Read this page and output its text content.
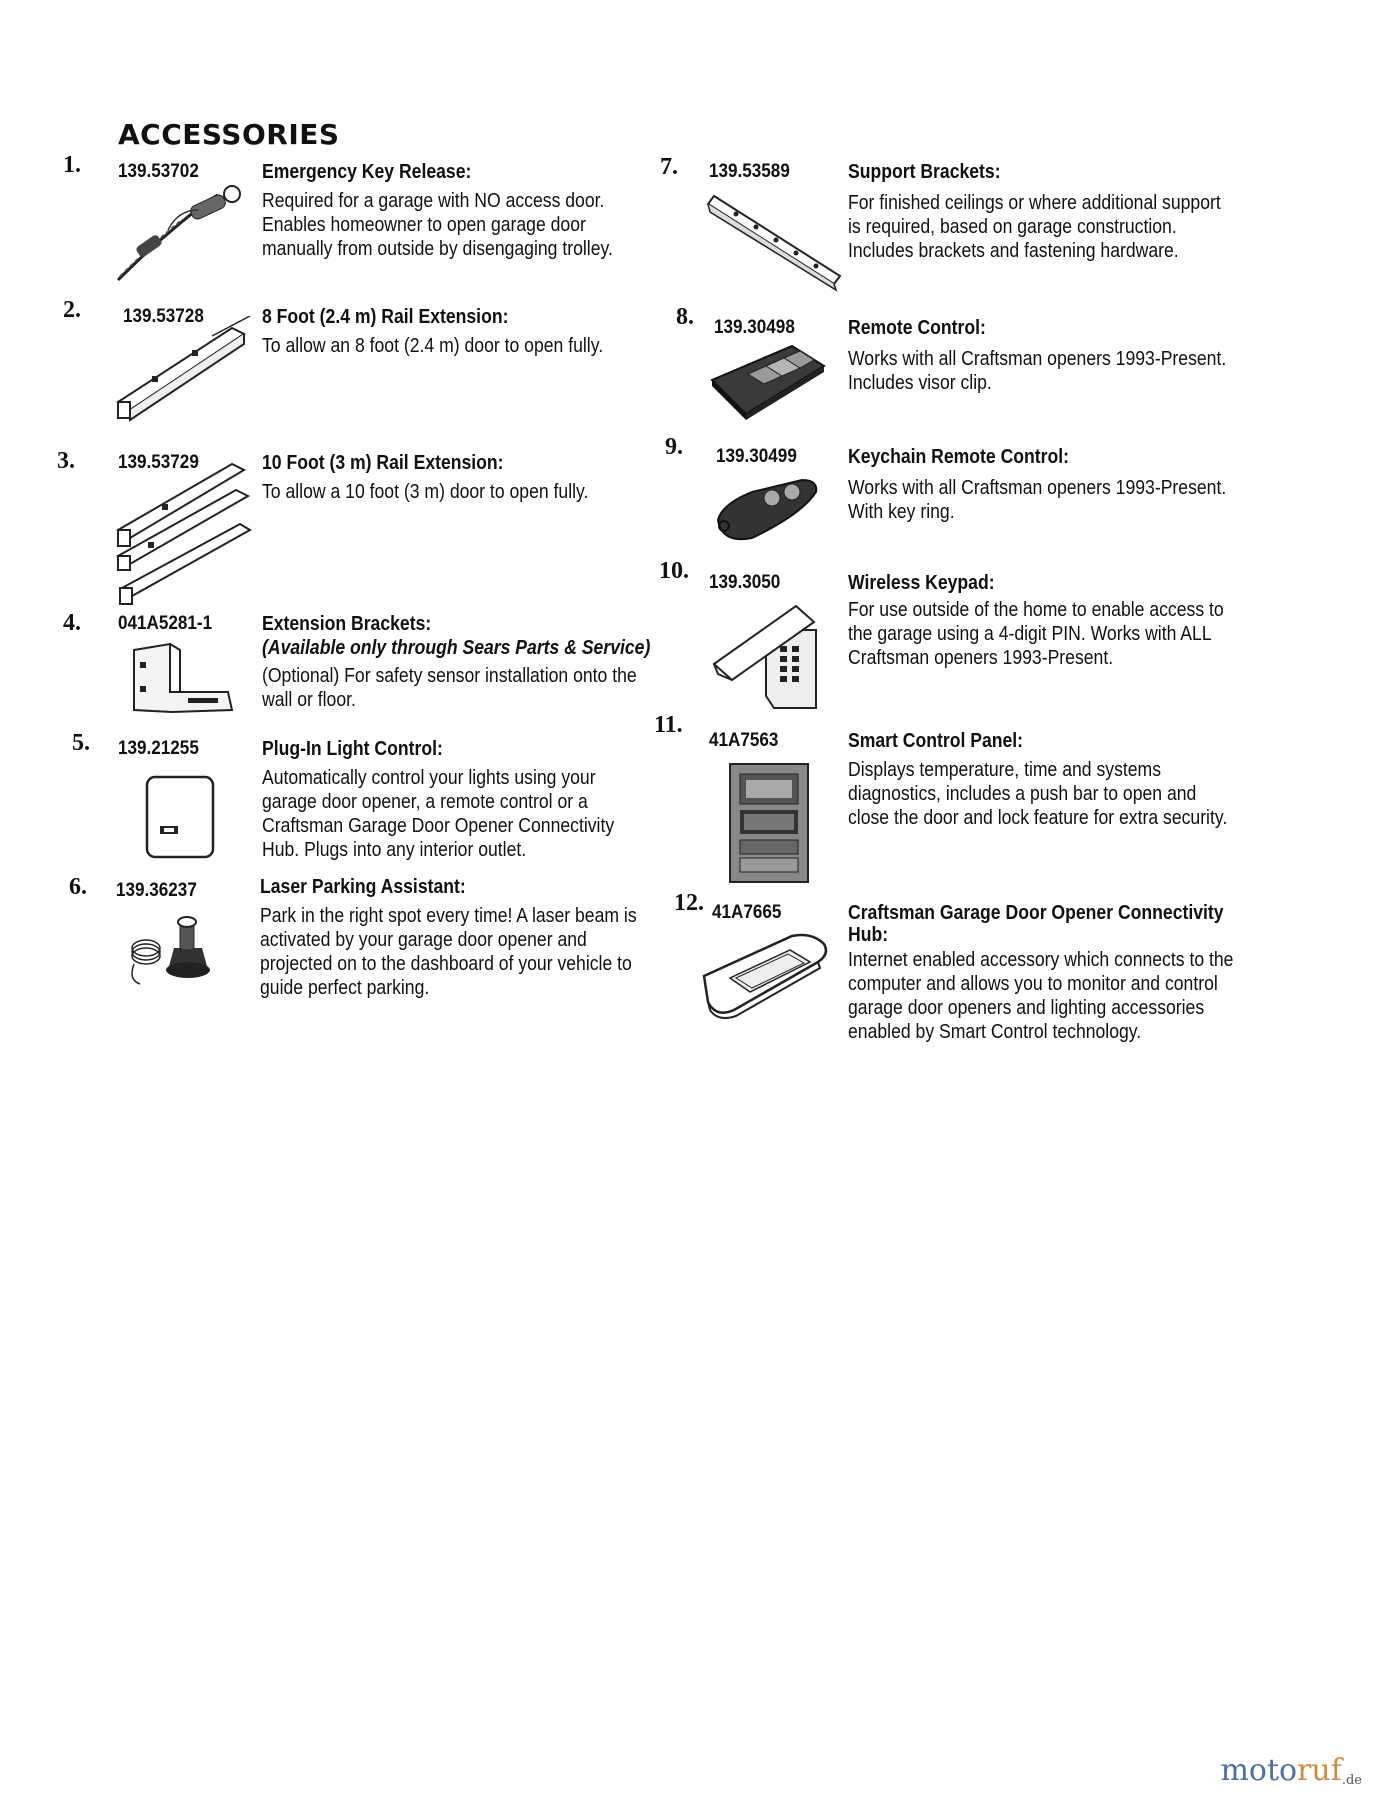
ACCESSORIES
1. 139.53702	Emergency Key Release:
Required for a garage with NO access door.
Enables homeowner to open garage door
manually from outside by disengaging trolley.
2. 139.53728	8 Foot (2.4 m) Rail Extension:
To allow an 8 foot (2.4 m) door to open fully.
3. 139.53729	10 Foot (3 m) Rail Extension:
To allow a 10 foot (3 m) door to open fully.
4. 041A5281-1 Extension Brackets:
(Available only through Sears Parts & Service)
(Optional) For safety sensor installation onto the
wall or floor.
5. 139.21255	Plug-In Light Control:
Automatically control your lights using your
garage door opener, a remote control or a
Craftsman Garage Door Opener Connectivity
Hub. Plugs into any interior outlet.
6. 139.36237	Laser Parking Assistant:
Park in the right spot every time! A laser beam is
activated by your garage door opener and
projected on to the dashboard of your vehicle to
guide perfect parking.
7. 139.53589	Support Brackets:
For finished ceilings or where additional support
is required, based on garage construction.
Includes brackets and fastening hardware.
8. 139.30498	Remote Control:
Works with all Craftsman openers 1993-Present.
Includes visor clip.
9. 139.30499	Keychain Remote Control:
Works with all Craftsman openers 1993-Present.
With key ring.
10. 139.3050	Wireless Keypad:
For use outside of the home to enable access to
the garage using a 4-digit PIN. Works with ALL
Craftsman openers 1993-Present.
11.
41A7563	Smart Control Panel:
Displays temperature, time and systems
diagnostics, includes a push bar to open and
close the door and lock feature for extra security.
12. 41A7665	Craftsman Garage Door Opener Connectivity Hub:
Internet enabled accessory which connects to the
computer and allows you to monitor and control
garage door openers and lighting accessories
enabled by Smart Control technology.
motoruf.de
